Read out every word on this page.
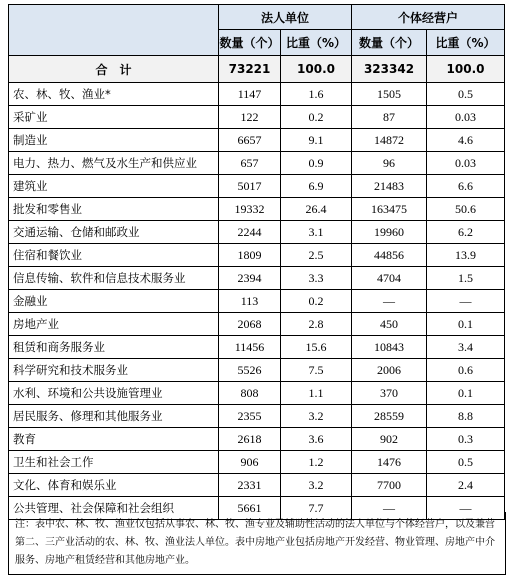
	法人单位		个体经营户	
	数量（个）	比重（%）	数量（个）	比重（%）
合　计	73221	100.0	323342	100.0
农、林、牧、渔业*	1147	1.6	1505	0.5
采矿业	122	0.2	87	0.03
制造业	6657	9.1	14872	4.6
电力、热力、燃气及水生产和供应业	657	0.9	96	0.03
建筑业	5017	6.9	21483	6.6
批发和零售业	19332	26.4	163475	50.6
交通运输、仓储和邮政业	2244	3.1	19960	6.2
住宿和餐饮业	1809	2.5	44856	13.9
信息传输、软件和信息技术服务业	2394	3.3	4704	1.5
金融业	113	0.2	—	—
房地产业	2068	2.8	450	0.1
租赁和商务服务业	11456	15.6	10843	3.4
科学研究和技术服务业	5526	7.5	2006	0.6
水利、环境和公共设施管理业	808	1.1	370	0.1
居民服务、修理和其他服务业	2355	3.2	28559	8.8
教育	2618	3.6	902	0.3
卫生和社会工作	906	1.2	1476	0.5
文化、体育和娱乐业	2331	3.2	7700	2.4
公共管理、社会保障和社会组织	5661	7.7	—	—
注：表中农、林、牧、渔业仅包括从事农、林、牧、渔专业及辅助性活动的法人单位与个体经营户，以及兼营第二、三产业活动的农、林、牧、渔业法人单位。表中房地产业包括房地产开发经营、物业管理、房地产中介服务、房地产租赁经营和其他房地产业。
